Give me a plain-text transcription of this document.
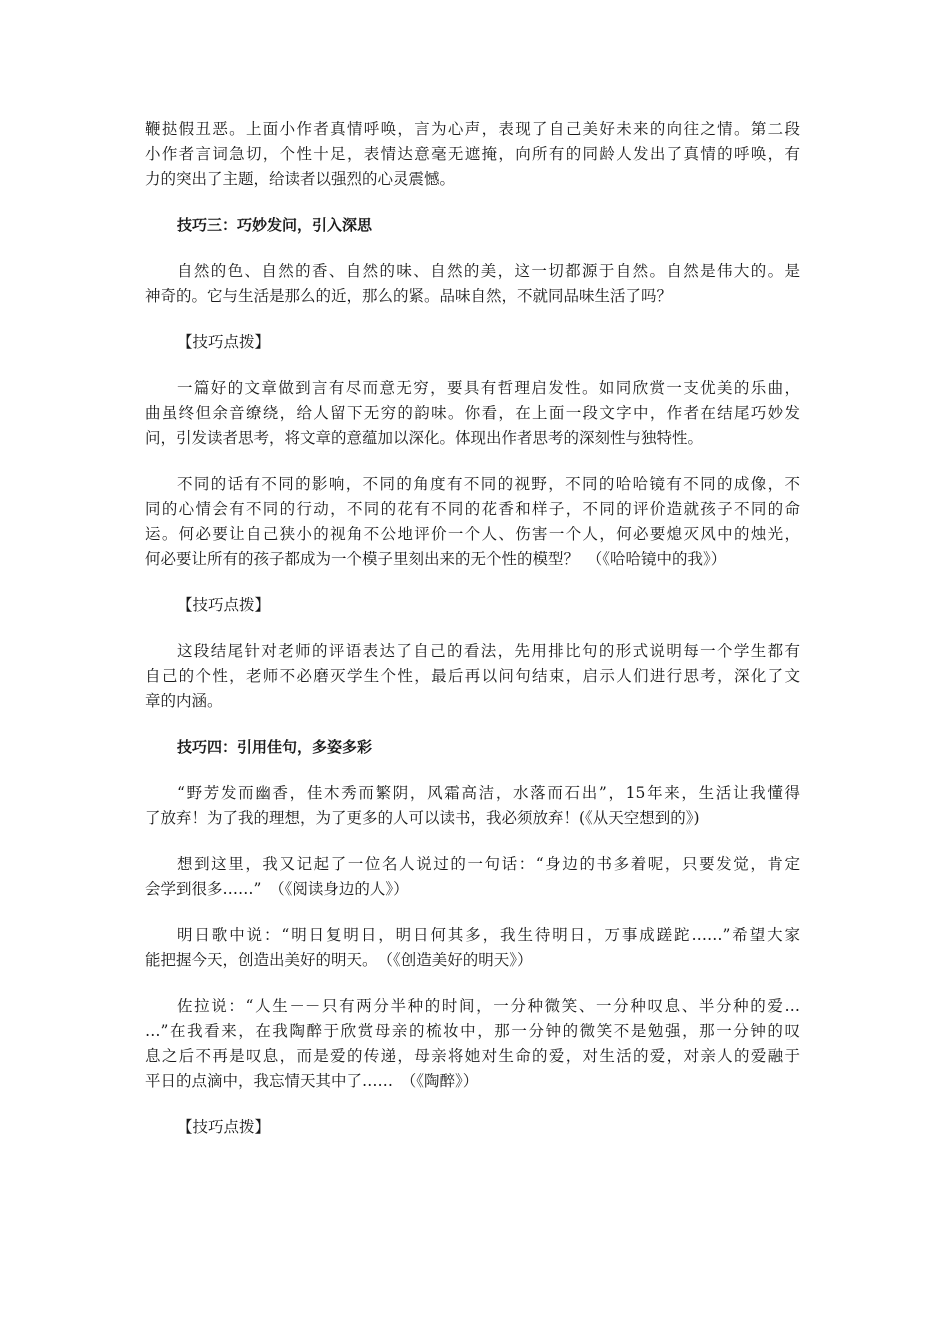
鞭挞假丑恶。上面小作者真情呼唤，言为心声，表现了自己美好未来的向往之情。第二段
小作者言词急切，个性十足，表情达意毫无遮掩，向所有的同龄人发出了真情的呼唤，有
力的突出了主题，给读者以强烈的心灵震憾。
技巧三：巧妙发问，引入深思
自然的色、自然的香、自然的味、自然的美，这一切都源于自然。自然是伟大的。是
神奇的。它与生活是那么的近，那么的紧。品味自然，不就同品味生活了吗？
【技巧点拨】
一篇好的文章做到言有尽而意无穷，要具有哲理启发性。如同欣赏一支优美的乐曲，
曲虽终但余音缭绕，给人留下无穷的韵味。你看，在上面一段文字中，作者在结尾巧妙发
问，引发读者思考，将文章的意蕴加以深化。体现出作者思考的深刻性与独特性。
不同的话有不同的影响，不同的角度有不同的视野，不同的哈哈镜有不同的成像，不
同的心情会有不同的行动，不同的花有不同的花香和样子，不同的评价造就孩子不同的命
运。何必要让自己狭小的视角不公地评价一个人、伤害一个人，何必要熄灭风中的烛光，
何必要让所有的孩子都成为一个模子里刻出来的无个性的模型？　（《哈哈镜中的我》）
【技巧点拨】
这段结尾针对老师的评语表达了自己的看法，先用排比句的形式说明每一个学生都有
自己的个性，老师不必磨灭学生个性，最后再以问句结束，启示人们进行思考，深化了文
章的内涵。
技巧四：引用佳句，多姿多彩
“野芳发而幽香，佳木秀而繁阴，风霜高洁，水落而石出”，15年来，生活让我懂得
了放弃！为了我的理想，为了更多的人可以读书，我必须放弃！(《从天空想到的》)
想到这里，我又记起了一位名人说过的一句话：“身边的书多着呢，只要发觉，肯定
会学到很多……”　（《阅读身边的人》）
明日歌中说：“明日复明日，明日何其多，我生待明日，万事成蹉跎……”希望大家
能把握今天，创造出美好的明天。　（《创造美好的明天》）
佐拉说：“人生－－只有两分半种的时间，一分种微笑、一分种叹息、半分种的爱…
…”在我看来，在我陶醉于欣赏母亲的梳妆中，那一分钟的微笑不是勉强，那一分钟的叹
息之后不再是叹息，而是爱的传递，母亲将她对生命的爱，对生活的爱，对亲人的爱融于
平日的点滴中，我忘情天其中了……　（《陶醉》）
【技巧点拨】
